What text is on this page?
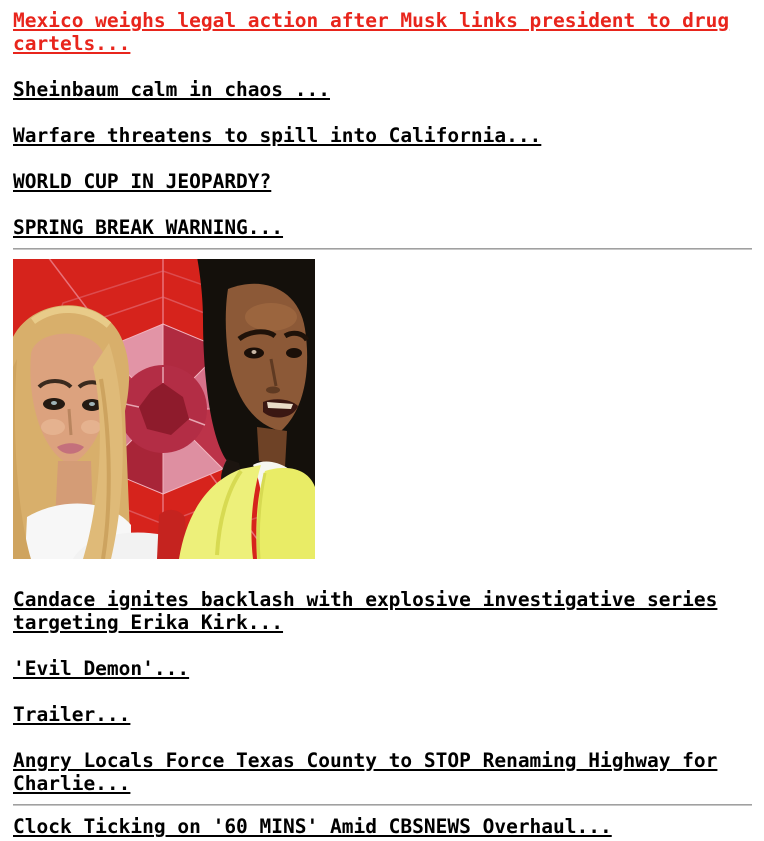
Mexico weighs legal action after Musk links president to drug cartels...

Sheinbaum calm in chaos ...

Warfare threatens to spill into California...

WORLD CUP IN JEOPARDY?

SPRING BREAK WARNING...

Candace ignites backlash with explosive investigative series targeting Erika Kirk...

'Evil Demon'...

Trailer...

Angry Locals Force Texas County to STOP Renaming Highway for Charlie...

Clock Ticking on '60 MINS' Amid CBSNEWS Overhaul...
